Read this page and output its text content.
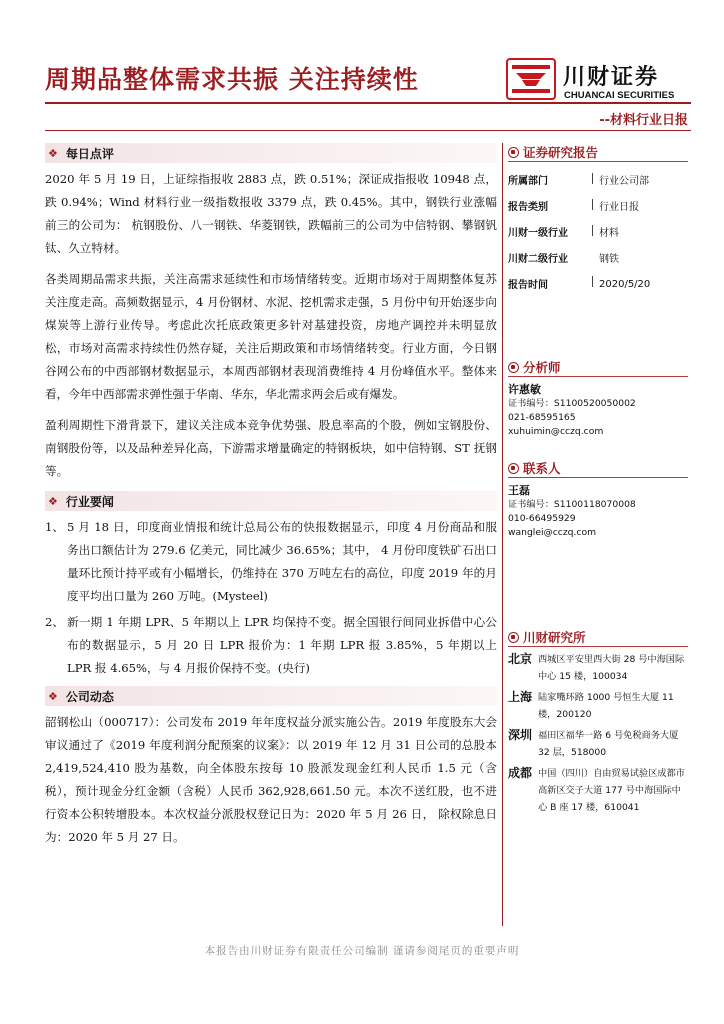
周期品整体需求共振 关注持续性	川财证券
CHUANCAI SECURITIES
--材料行业日报
❖ 每日点评

2020 年 5 月 19 日，上证综指报收 2883 点，跌 0.51%；深证成指报收 10948 点，跌 0.94%；Wind 材料行业一级指数报收 3379 点，跌 0.45%。其中，钢铁行业涨幅前三的公司为： 杭钢股份、八一钢铁、华菱钢铁，跌幅前三的公司为中信特钢、攀钢钒钛、久立特材。

各类周期品需求共振，关注高需求延续性和市场情绪转变。近期市场对于周期整体复苏关注度走高。高频数据显示，4 月份钢材、水泥、挖机需求走强，5 月份中旬开始逐步向煤炭等上游行业传导。考虑此次托底政策更多针对基建投资，房地产调控并未明显放松，市场对高需求持续性仍然存疑，关注后期政策和市场情绪转变。行业方面，今日钢谷网公布的中西部钢材数据显示，本周西部钢材表现消费维持 4 月份峰值水平。整体来看，今年中西部需求弹性强于华南、华东，华北需求两会后或有爆发。

盈利周期性下滑背景下，建议关注成本竞争优势强、股息率高的个股，例如宝钢股份、南钢股份等，以及品种差异化高，下游需求增量确定的特钢板块，如中信特钢、ST 抚钢等。

❖ 行业要闻
1、 5 月 18 日，印度商业情报和统计总局公布的快报数据显示，印度 4 月份商品和服务出口额估计为 279.6 亿美元，同比减少 36.65%；其中， 4 月份印度铁矿石出口量环比预计持平或有小幅增长，仍维持在 370 万吨左右的高位，印度 2019 年的月度平均出口量为 260 万吨。(Mysteel)
2、 新一期 1 年期 LPR、5 年期以上 LPR 均保持不变。据全国银行间同业拆借中心公布的数据显示，5 月 20 日 LPR 报价为：1 年期 LPR 报 3.85%，5 年期以上 LPR 报 4.65%，与 4 月报价保持不变。(央行)
❖ 公司动态

韶钢松山（000717）：公司发布 2019 年年度权益分派实施公告。2019 年度股东大会审议通过了《2019 年度利润分配预案的议案》：以 2019 年 12 月 31 日公司的总股本 2,419,524,410 股为基数，向全体股东按每 10 股派发现金红利人民币 1.5 元（含税），预计现金分红金额（含税）人民币 362,928,661.50 元。本次不送红股，也不进行资本公积转增股本。本次权益分派股权登记日为：2020 年 5 月 26 日， 除权除息日为：2020 年 5 月 27 日。

证券研究报告
所属部门	行业公司部
报告类别	行业日报
川财一级行业	材料
川财二级行业	钢铁
报告时间	2020/5/20
分析师
许惠敏
证书编号：S1100520050002
021-68595165
xuhuimin@cczq.com
联系人
王磊
证书编号：S1100118070008
010-66495929
wanglei@cczq.com
川财研究所
北京 西城区平安里西大街 28 号中海国际中心 15 楼，100034
上海 陆家嘴环路 1000 号恒生大厦 11 楼，200120
深圳 福田区福华一路 6 号免税商务大厦 32 层，518000
成都 中国（四川）自由贸易试验区成都市高新区交子大道 177 号中海国际中心 B 座 17 楼，610041
本报告由川财证券有限责任公司编制 谨请参阅尾页的重要声明
